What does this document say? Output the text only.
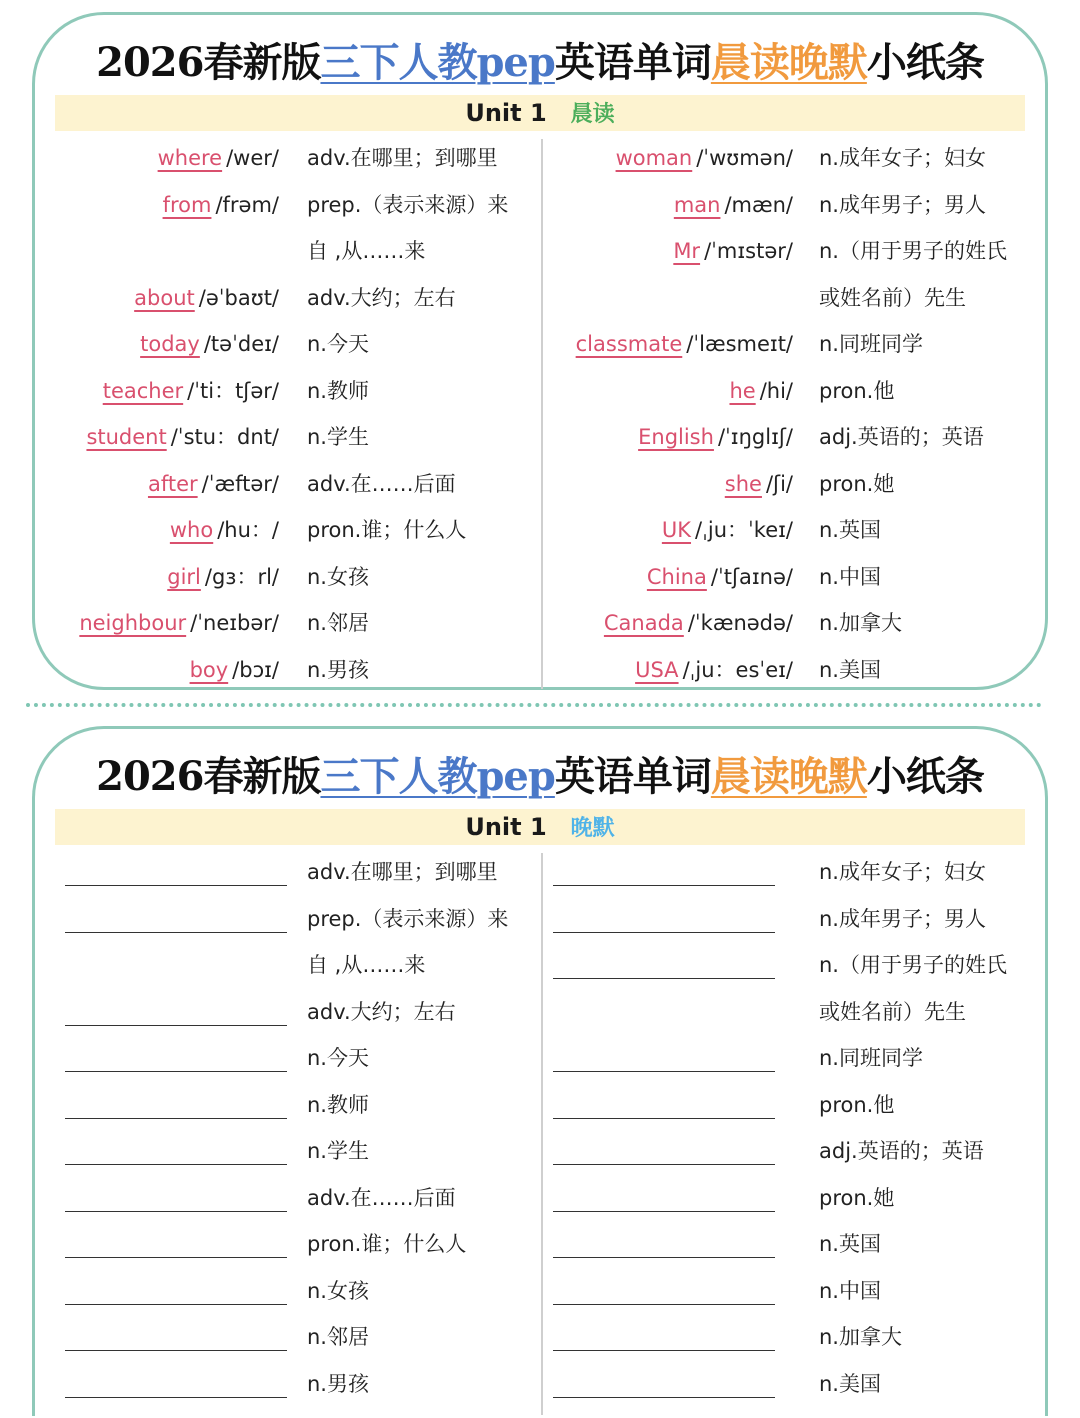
2026春新版三下人教pep英语单词晨读晚默小纸条
Unit 1 晨读
where /wer/ adv.在哪里；到哪里
from /frəm/ prep.（表示来源）来
自 ,从……来
about /əˈbaʊt/ adv.大约；左右
today /təˈdeɪ/ n.今天
teacher /ˈti：tʃər/ n.教师
student /ˈstu：dnt/ n.学生
after /ˈæftər/ adv.在……后面
who /hu：/ pron.谁；什么人
girl /gɜ：rl/ n.女孩
neighbour /ˈneɪbər/ n.邻居
boy /bɔɪ/ n.男孩
woman /ˈwʊmən/ n.成年女子；妇女
man /mæn/ n.成年男子；男人
Mr /ˈmɪstər/ n.（用于男子的姓氏
或姓名前）先生
classmate /ˈlæsmeɪt/ n.同班同学
he /hi/ pron.他
English /ˈɪŋglɪʃ/ adj.英语的；英语
she /ʃi/ pron.她
UK /ˌju：ˈkeɪ/ n.英国
China /ˈtʃaɪnə/ n.中国
Canada /ˈkænədə/ n.加拿大
USA /ˌju：esˈeɪ/ n.美国
2026春新版三下人教pep英语单词晨读晚默小纸条
Unit 1 晚默
adv.在哪里；到哪里
prep.（表示来源）来
自 ,从……来
adv.大约；左右
n.今天
n.教师
n.学生
adv.在……后面
pron.谁；什么人
n.女孩
n.邻居
n.男孩
n.成年女子；妇女
n.成年男子；男人
n.（用于男子的姓氏
或姓名前）先生
n.同班同学
pron.他
adj.英语的；英语
pron.她
n.英国
n.中国
n.加拿大
n.美国
